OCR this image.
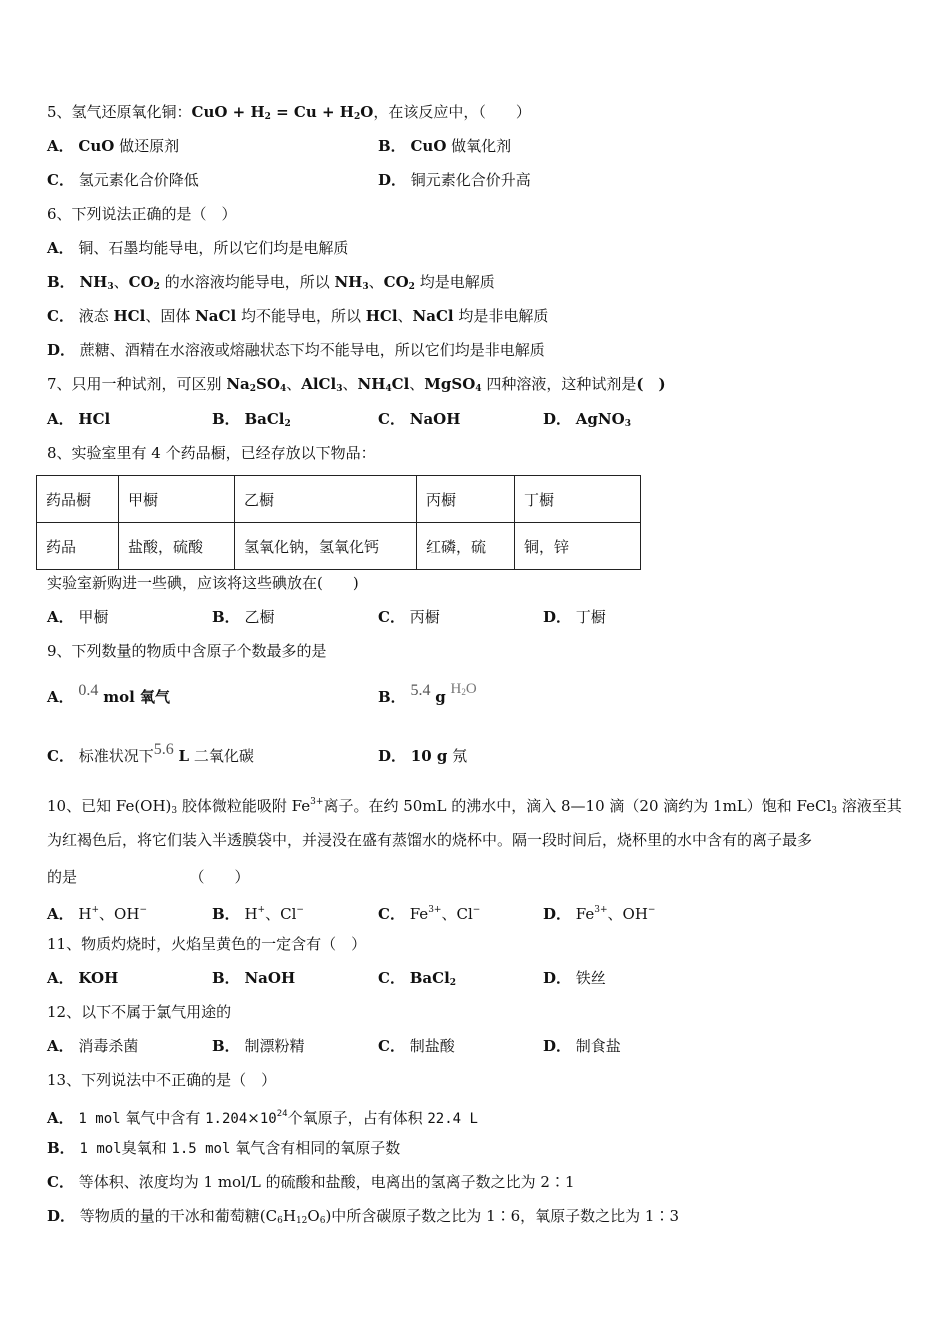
5、氢气还原氧化铜：CuO + $H_2 = Cu + H_2O$，在该反应中，（　　）
A． CuO 做还原剂	B． CuO 做氧化剂
C． 氢元素化合价降低	D． 铜元素化合价升高
6、下列说法正确的是（　）
A． 铜、石墨均能导电，所以它们均是电解质
B． $NH_3$、$CO_2$ 的水溶液均能导电，所以 $NH_3$、$CO_2$ 均是电解质
C． 液态 HCl、固体 NaCl 均不能导电，所以 HCl、NaCl 均是非电解质
D． 蔗糖、酒精在水溶液或熔融状态下均不能导电，所以它们均是非电解质
7、只用一种试剂，可区别 $Na_2SO_4$、AlCl$_3$、$NH_4Cl$、MgSO$_4$ 四种溶液，这种试剂是(　)
A． HCl	B． BaCl$_2$	C． NaOH	D． AgNO$_3$
8、实验室里有 4 个药品橱，已经存放以下物品：
药品橱	甲橱	乙橱	丙橱	丁橱
药品	盐酸，硫酸	氢氧化钠，氢氧化钙	红磷，硫	铜，锌
实验室新购进一些碘，应该将这些碘放在(　　)
A． 甲橱	B． 乙橱	C． 丙橱	D． 丁橱
9、下列数量的物质中含原子个数最多的是
A． 0.4 mol 氧气	B． 5.4 g $H_2O$
C． 标准状况下5.6 L 二氧化碳	D． 10 g 氖
10、已知 $Fe(OH)_3$ 胶体微粒能吸附 $Fe^{3+}$离子。在约 50mL 的沸水中，滴入 8—10 滴（20 滴约为 1mL）饱和 FeCl$_3$ 溶液至其
为红褐色后，将它们装入半透膜袋中，并浸没在盛有蒸馏水的烧杯中。隔一段时间后，烧杯里的水中含有的离子最多
的是　　　　　　　　（　　）
A． H+、OH−	B． H+、Cl−	C． $Fe^{3+}$、Cl−	D． $Fe^{3+}$、OH−
11、物质灼烧时，火焰呈黄色的一定含有（　）
A． KOH	B． NaOH	C． BaCl$_2$	D． 铁丝
12、以下不属于氯气用途的
A． 消毒杀菌	B． 制漂粉精	C． 制盐酸	D． 制食盐
13、下列说法中不正确的是（　）
A． 1 mol 氧气中含有 $1.204\times 10^{24}$个氧原子，占有体积 22.4 L
B． 1 mol臭氧和 1.5 mol 氧气含有相同的氧原子数
C． 等体积、浓度均为 1 mol/L 的硫酸和盐酸，电离出的氢离子数之比为 2∶1
D． 等物质的量的干冰和葡萄糖$(C_6H_{12}O_6)$中所含碳原子数之比为 1∶6，氧原子数之比为 1∶3
